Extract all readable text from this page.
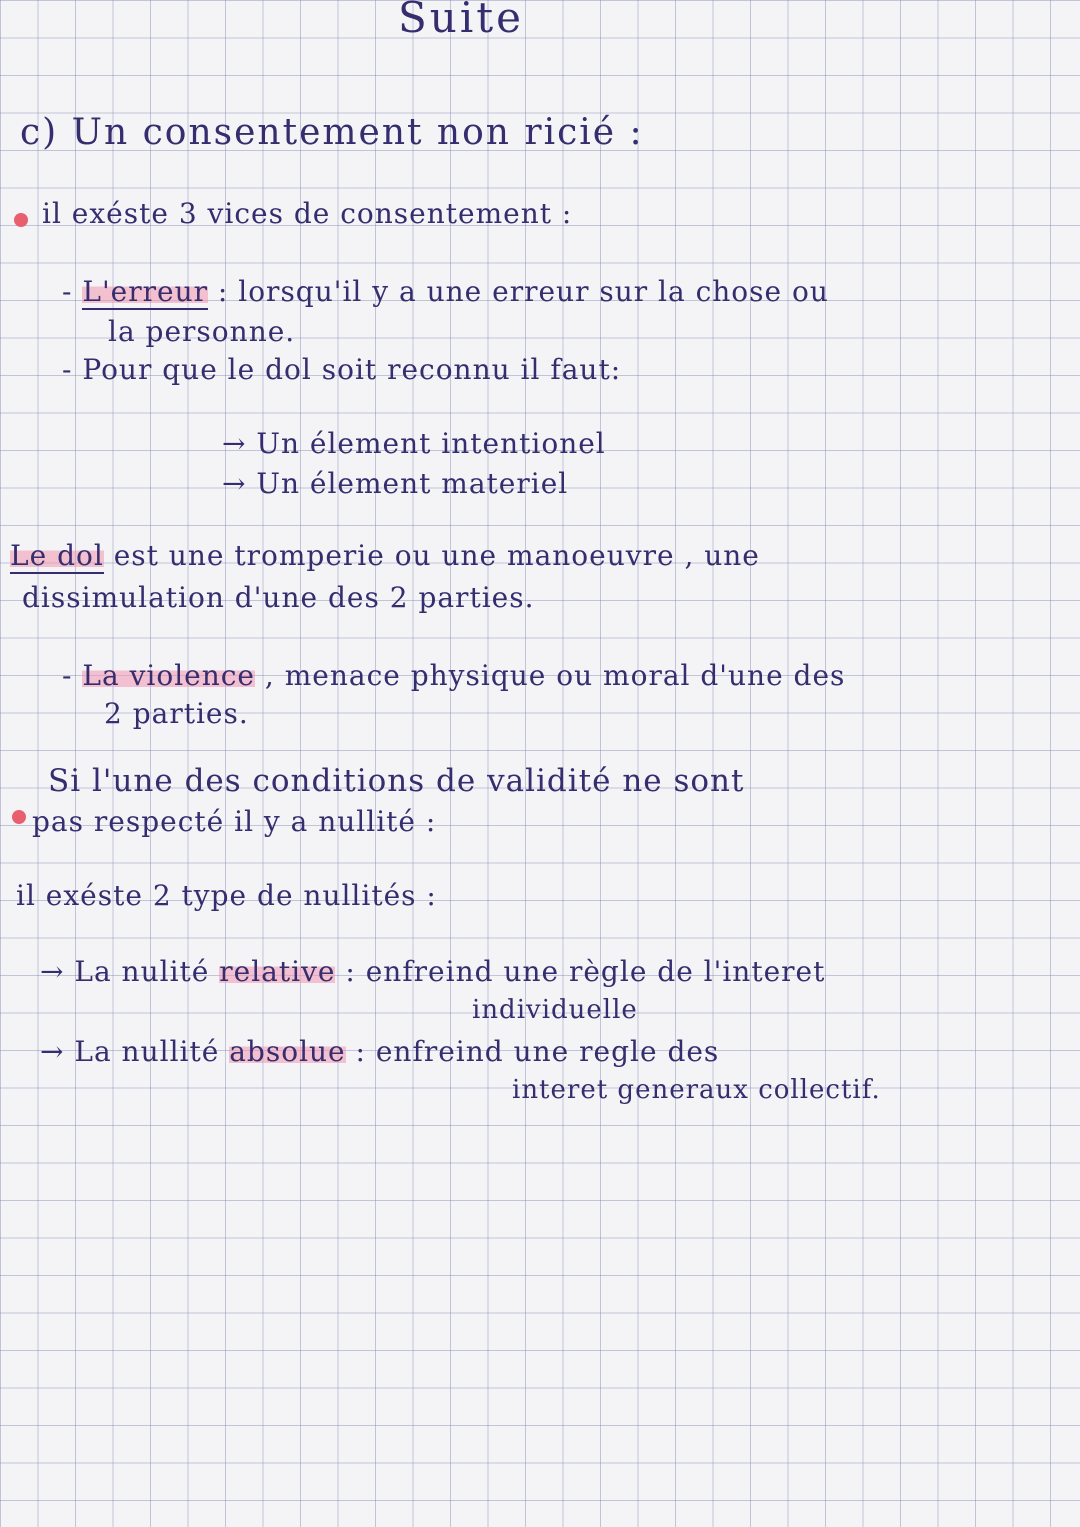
Suite
c) Un consentement non ricié :
il exéste 3 vices de consentement :
- L'erreur : lorsqu'il y a une erreur sur la chose ou
la personne.
- Pour que le dol soit reconnu il faut:
→ Un élement intentionel
→ Un élement materiel
Le dol est une tromperie ou une manoeuvre , une
dissimulation d'une des 2 parties.
- La violence , menace physique ou moral d'une des
2 parties.
Si l'une des conditions de validité ne sont
pas respecté il y a nullité :
il exéste 2 type de nullités :
→ La nulité relative : enfreind une règle de l'interet
individuelle
→ La nullité absolue : enfreind une regle des
interet generaux collectif.
